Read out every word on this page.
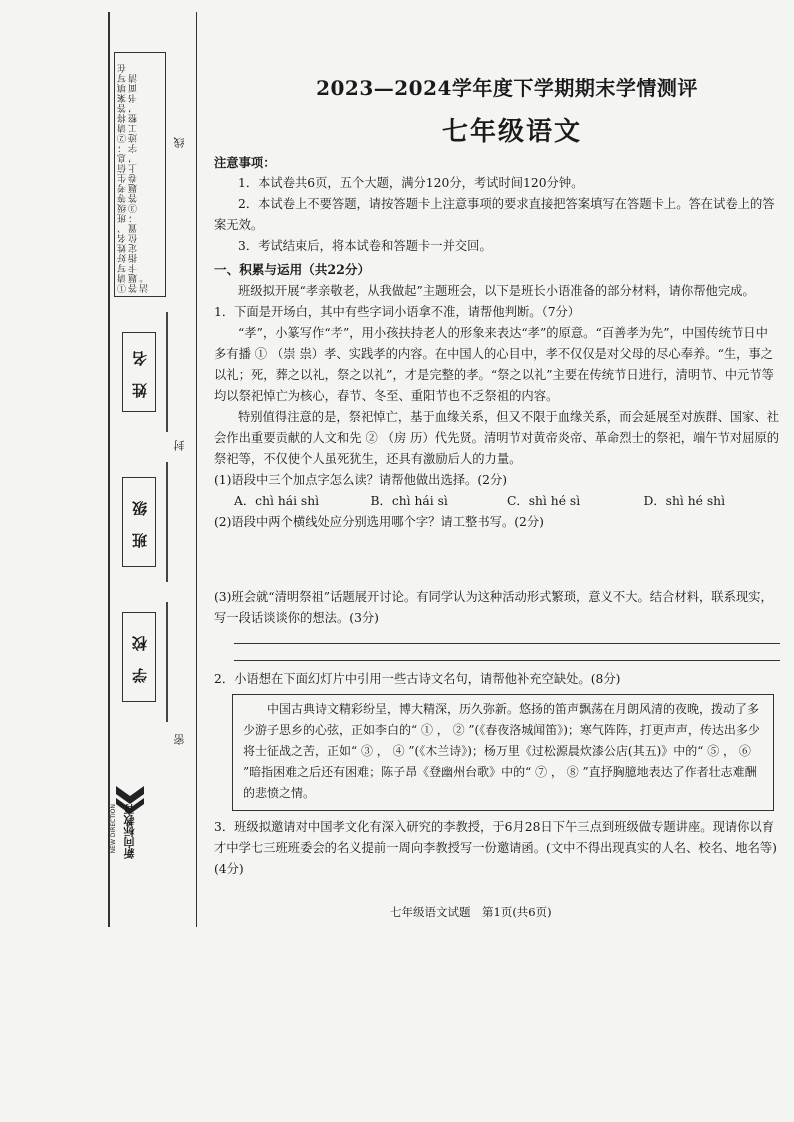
①请写好姓名、班级等考生信息；②请将答案填写在答题卡指定位置；③答题卷上，字迹工整，书面清洁。
姓 名
班 级
学 校
线
封
密
新向标教育
NEW DIRECTION
2023—2024学年度下学期期末学情测评
七年级语文

注意事项：

1．本试卷共6页，五个大题，满分120分，考试时间120分钟。

2．本试卷上不要答题，请按答题卡上注意事项的要求直接把答案填写在答题卡上。答在试卷上的答案无效。

3．考试结束后，将本试卷和答题卡一并交回。

一、积累与运用（共22分）

班级拟开展“孝亲敬老，从我做起”主题班会，以下是班长小语准备的部分材料，请你帮他完成。

1．下面是开场白，其中有些字词小语拿不准，请帮他判断。（7分）

“孝”，小篆写作“𦒱”，用小孩扶持老人的形象来表达“孝”的原意。“百善孝为先”，中国传统节日中多有播 ① （崇 祟）孝、实践孝的内容。在中国人的心目中，孝不仅仅是对父母的尽心奉养。“生，事之以礼；死，葬之以礼，祭之以礼”，才是完整的孝。“祭之以礼”主要在传统节日进行，清明节、中元节等均以祭祀悼亡为核心，春节、冬至、重阳节也不乏祭祖的内容。

特别值得注意的是，祭祀悼亡，基于血缘关系，但又不限于血缘关系，而会延展至对族群、国家、社会作出重要贡献的人文和先 ② （房 历）代先贤。清明节对黄帝炎帝、革命烈士的祭祀，端午节对屈原的祭祀等，不仅使个人虽死犹生，还具有激励后人的力量。

(1)语段中三个加点字怎么读？请帮他做出选择。(2分)

A．chì hái shì	B．chì hái sì	C．shì hé sì	D．shì hé shì

(2)语段中两个横线处应分别选用哪个字？请工整书写。(2分)

(3)班会就“清明祭祖”话题展开讨论。有同学认为这种活动形式繁琐，意义不大。结合材料，联系现实，写一段话谈谈你的想法。(3分)

2．小语想在下面幻灯片中引用一些古诗文名句，请帮他补充空缺处。(8分)

中国古典诗文精彩纷呈，博大精深，历久弥新。悠扬的笛声飘荡在月朗风清的夜晚，拨动了多少游子思乡的心弦，正如李白的“ ① ， ② ”(《春夜洛城闻笛》)；寒气阵阵，打更声声，传达出多少将士征战之苦，正如“ ③ ， ④ ”(《木兰诗》)；杨万里《过松源晨炊漆公店(其五)》中的“ ⑤ ， ⑥ ”暗指困难之后还有困难；陈子昂《登幽州台歌》中的“ ⑦ ， ⑧ ”直抒胸臆地表达了作者壮志难酬的悲愤之情。

3．班级拟邀请对中国孝文化有深入研究的李教授，于6月28日下午三点到班级做专题讲座。现请你以育才中学七三班班委会的名义提前一周向李教授写一份邀请函。(文中不得出现真实的人名、校名、地名等)(4分)

七年级语文试题　第1页(共6页)
